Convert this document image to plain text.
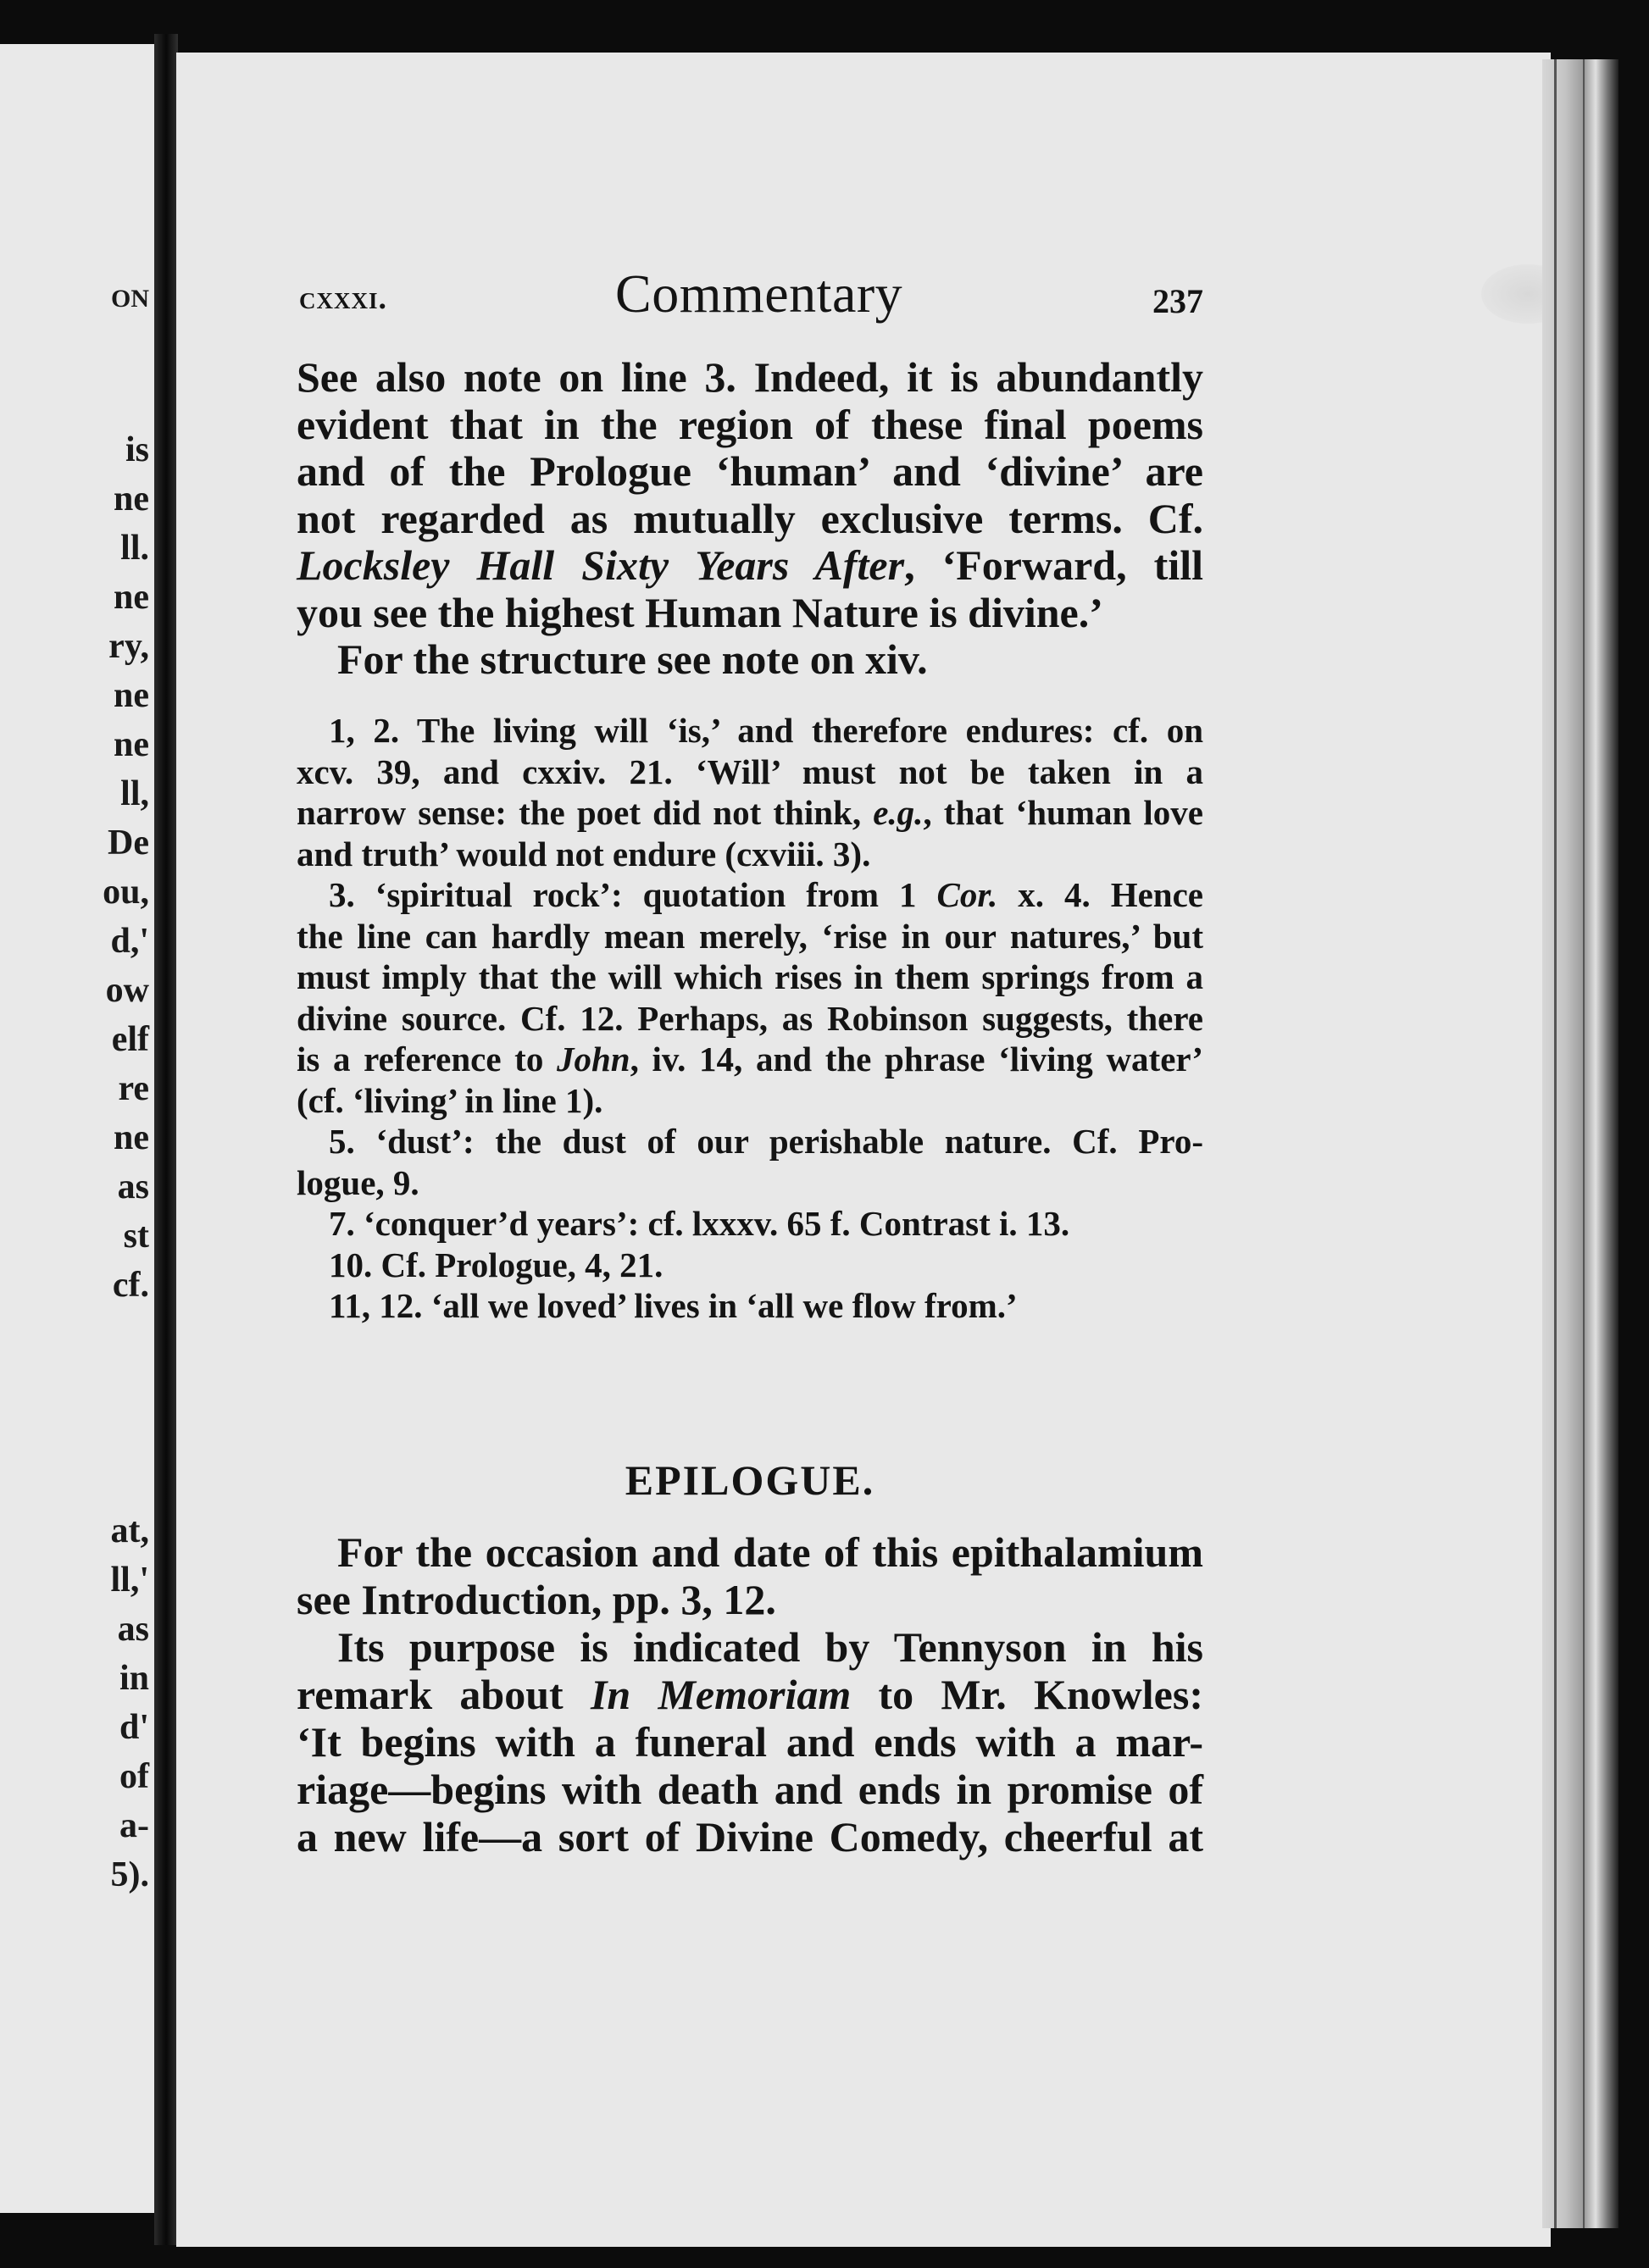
ON
is
ne
ll.
ne
ry,
ne
ne
ll,
De
ou,
d,'
ow
elf
re
ne
as
st
cf.
at,
ll,'
as
in
d'
of
a-
5).
cxxxi.	Commentary	237
See also note on line 3. Indeed, it is abundantly
evident that in the region of these final poems
and of the Prologue ‘human’ and ‘divine’ are
not regarded as mutually exclusive terms. Cf.
Locksley Hall Sixty Years After, ‘Forward, till
you see the highest Human Nature is divine.’
For the structure see note on xiv.
1, 2. The living will ‘is,’ and therefore endures: cf. on
xcv. 39, and cxxiv. 21. ‘Will’ must not be taken in a
narrow sense: the poet did not think, e.g., that ‘human love
and truth’ would not endure (cxviii. 3).
3. ‘spiritual rock’: quotation from 1 Cor. x. 4. Hence
the line can hardly mean merely, ‘rise in our natures,’ but
must imply that the will which rises in them springs from a
divine source. Cf. 12. Perhaps, as Robinson suggests, there
is a reference to John, iv. 14, and the phrase ‘living water’
(cf. ‘living’ in line 1).
5. ‘dust’: the dust of our perishable nature. Cf. Pro-
logue, 9.
7. ‘conquer’d years’: cf. lxxxv. 65 f. Contrast i. 13.
10. Cf. Prologue, 4, 21.
11, 12. ‘all we loved’ lives in ‘all we flow from.’
EPILOGUE.
For the occasion and date of this epithalamium
see Introduction, pp. 3, 12.
Its purpose is indicated by Tennyson in his
remark about In Memoriam to Mr. Knowles:
‘It begins with a funeral and ends with a mar-
riage—begins with death and ends in promise of
a new life—a sort of Divine Comedy, cheerful at
